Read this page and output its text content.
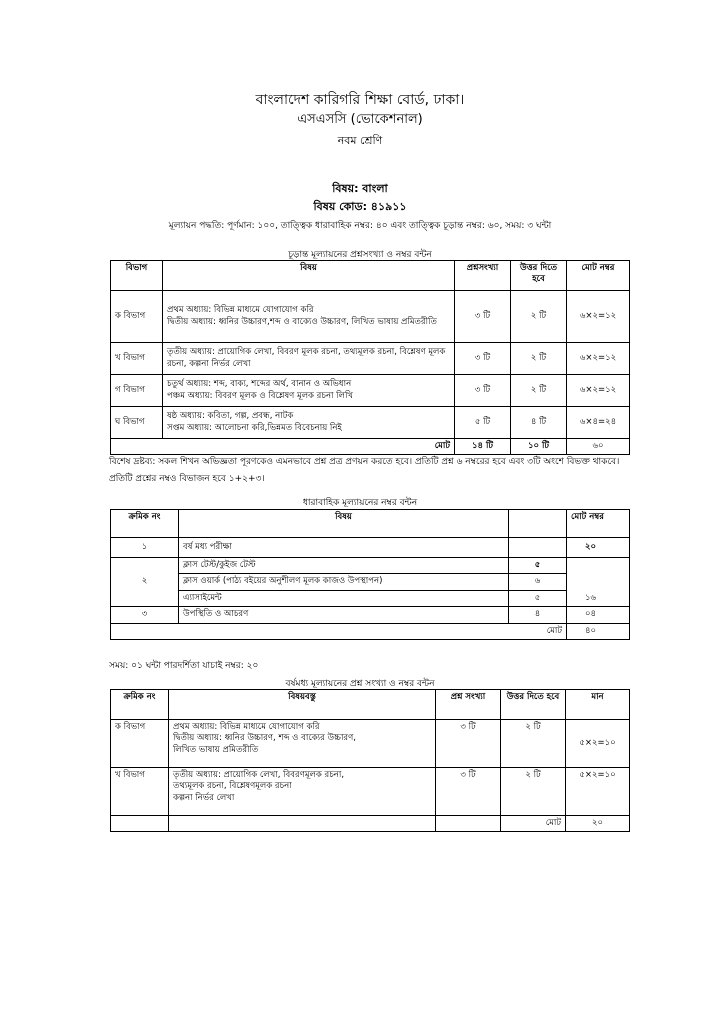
বাংলাদেশ কারিগরি শিক্ষা বোর্ড, ঢাকা।
এসএসসি (ভোকেশনাল)
নবম শ্রেণি
বিষয়: বাংলা
বিষয় কোড: ৪১৯১১
মূল্যায়ন পদ্ধতি: পূর্ণমান: ১০০, তাত্ত্বিক ধারাবাহিক নম্বর: ৪০ এবং তাত্ত্বিক চূড়ান্ত নম্বর: ৬০, সময়: ৩ ঘন্টা
চূড়ান্ত মূল্যায়নের প্রশ্নসংখ্যা ও নম্বর বন্টন
বিভাগ	বিষয়	প্রশ্নসংখ্যা	উত্তর দিতে হবে	মোট নম্বর
ক বিভাগ	প্রথম অধ্যায়: বিভিন্ন মাধ্যমে যোগাযোগ করি
দ্বিতীয় অধ্যায়: ধ্বনির উচ্চারণ,শব্দ ও বাক্যেও উচ্চারণ, লিখিত ভাষায় প্রমিতরীতি	৩ টি	২ টি	৬×২=১২
খ বিভাগ	তৃতীয় অধ্যায়: প্রায়োগিক লেখা, বিবরণ মূলক রচনা, তথ্যমূলক রচনা, বিশ্লেষণ মূলক রচনা, কল্পনা নির্ভর লেখা	৩ টি	২ টি	৬×২=১২
গ বিভাগ	চতুর্থ অধ্যায়: শব্দ, বাক্য, শব্দের অর্থ, বানান ও অভিধান
পঞ্চম অধ্যায়: বিবরণ মূলক ও বিশ্লেষণ মূলক রচনা লিখি	৩ টি	২ টি	৬×২=১২
ঘ বিভাগ	ষষ্ঠ অধ্যায়: কবিতা, গল্প, প্রবন্ধ, নাটক
সপ্তম অধ্যায়: আলোচনা করি,ভিন্নমত বিবেচনায় নিই	৫ টি	৪ টি	৬×৪=২৪
মোট		১৪ টি	১০ টি	৬০
বিশেষ দ্রষ্টব্য: সকল শিখন অভিজ্ঞতা পূরণকেও এমনভাবে প্রশ্ন প্রত্র প্রণয়ন করতে হবে। প্রতিটি প্রশ্ন ৬ নম্বরের হবে এবং ৩টি অংশে বিভক্ত থাকবে। প্রতিটি প্রশ্নের নম্বও বিভাজন হবে ১+২+৩।
ধারাবাহিক মূল্যায়নের নম্বর বন্টন
ক্রমিক নং	বিষয়		মোট নম্বর
১	বর্ষ মধ্য পরীক্ষা		২০
২	ক্লাস টেস্ট/কুইজ টেস্ট	৫	১৬
	ক্লাস ওয়ার্ক (পাঠ্য বইয়ের অনুশীলণ মূলক কাজও উপস্থাপন)	৬	
	এ্যাসাইমেন্ট	৫	
৩	উপস্থিতি ও আচরণ	৪	০৪
মোট			৪০
সময়: ০১ ঘন্টা পারদর্শিতা যাচাই নম্বর: ২০
বর্ষমধ্য মূল্যায়নের প্রশ্ন সংখ্যা ও নম্বর বন্টন
ক্রমিক নং	বিষয়বস্তু	প্রশ্ন সংখ্যা	উত্তর দিতে হবে	মান
ক বিভাগ	প্রথম অধ্যায়: বিভিন্ন মাধ্যমে যোগাযোগ করি
দ্বিতীয় অধ্যায়: ধ্বনির উচ্চারণ, শব্দ ও বাক্যের উচ্চারণ,
লিখিত ভাষায় প্রমিতরীতি	৩ টি	২ টি	৫×২=১০
খ বিভাগ	তৃতীয় অধ্যায়: প্রায়োগিক লেখা, বিবরণমূলক রচনা,
তথ্যমূলক রচনা, বিশ্লেষণমূলক রচনা
কল্পনা নির্ভর লেখা	৩ টি	২ টি	৫×২=১০
			মোট	২০
